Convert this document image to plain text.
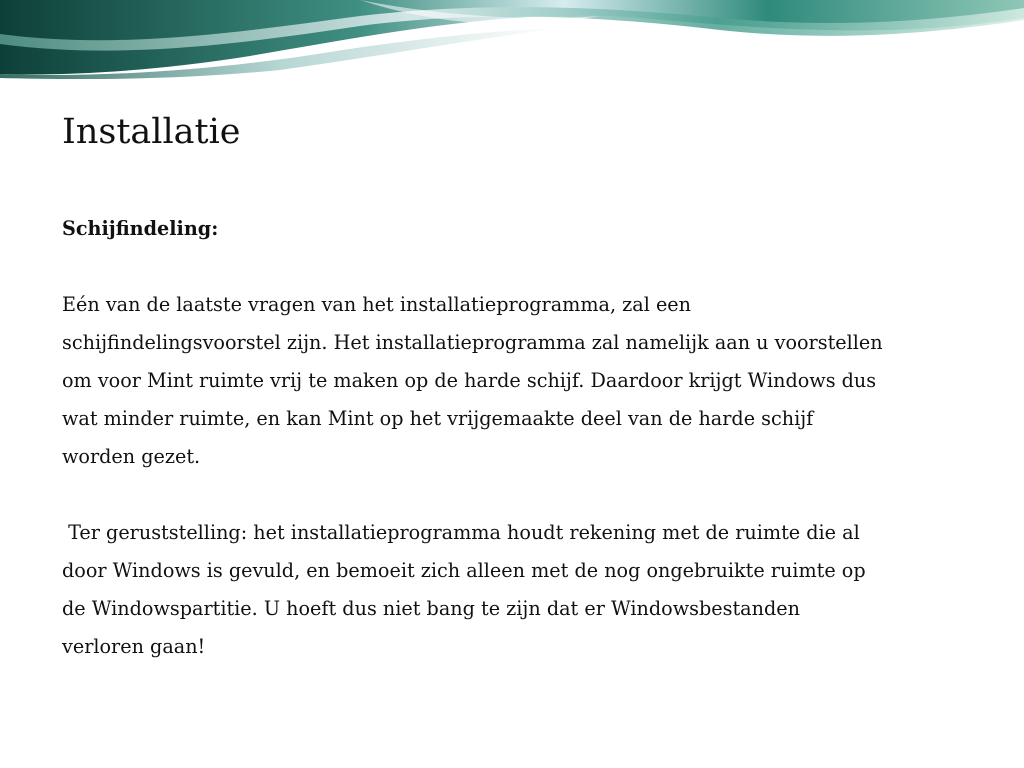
Installatie

Schijfindeling:

Eén van de laatste vragen van het installatieprogramma, zal een
schijfindelingsvoorstel zijn. Het installatieprogramma zal namelijk aan u voorstellen
om voor Mint ruimte vrij te maken op de harde schijf. Daardoor krijgt Windows dus
wat minder ruimte, en kan Mint op het vrijgemaakte deel van de harde schijf
worden gezet.

Ter geruststelling: het installatieprogramma houdt rekening met de ruimte die al
door Windows is gevuld, en bemoeit zich alleen met de nog ongebruikte ruimte op
de Windowspartitie. U hoeft dus niet bang te zijn dat er Windowsbestanden
verloren gaan!
